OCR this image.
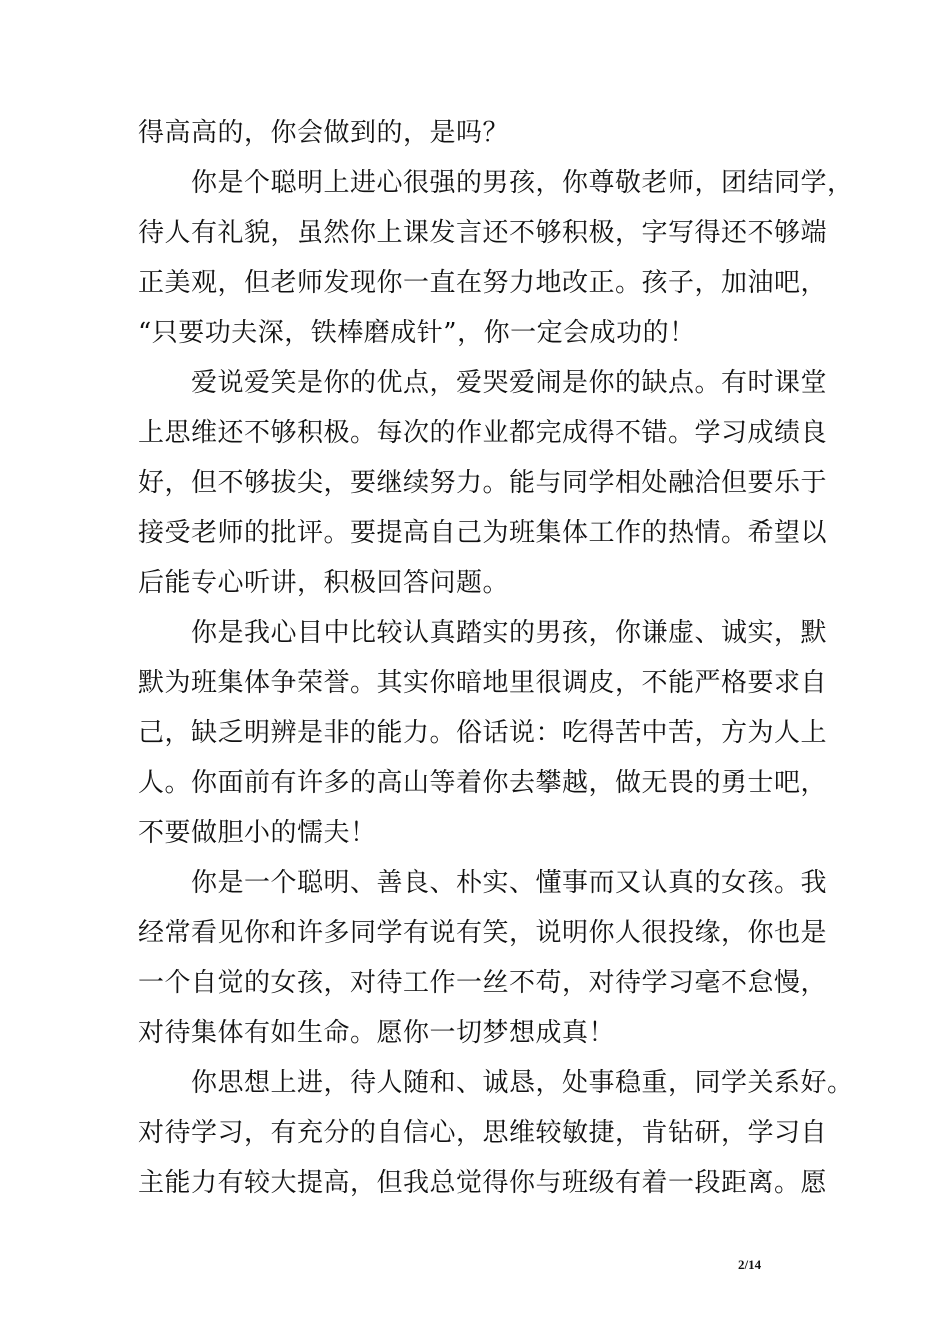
得高高的，你会做到的，是吗？
　　你是个聪明上进心很强的男孩，你尊敬老师，团结同学，
待人有礼貌，虽然你上课发言还不够积极，字写得还不够端
正美观，但老师发现你一直在努力地改正。孩子，加油吧，
“只要功夫深，铁棒磨成针”，你一定会成功的！
　　爱说爱笑是你的优点，爱哭爱闹是你的缺点。有时课堂
上思维还不够积极。每次的作业都完成得不错。学习成绩良
好，但不够拔尖，要继续努力。能与同学相处融洽但要乐于
接受老师的批评。要提高自己为班集体工作的热情。希望以
后能专心听讲，积极回答问题。
　　你是我心目中比较认真踏实的男孩，你谦虚、诚实，默
默为班集体争荣誉。其实你暗地里很调皮，不能严格要求自
己，缺乏明辨是非的能力。俗话说：吃得苦中苦，方为人上
人。你面前有许多的高山等着你去攀越，做无畏的勇士吧，
不要做胆小的懦夫！
　　你是一个聪明、善良、朴实、懂事而又认真的女孩。我
经常看见你和许多同学有说有笑，说明你人很投缘，你也是
一个自觉的女孩，对待工作一丝不苟，对待学习毫不怠慢，
对待集体有如生命。愿你一切梦想成真！
　　你思想上进，待人随和、诚恳，处事稳重，同学关系好。
对待学习，有充分的自信心，思维较敏捷，肯钻研，学习自
主能力有较大提高，但我总觉得你与班级有着一段距离。愿
2/14
